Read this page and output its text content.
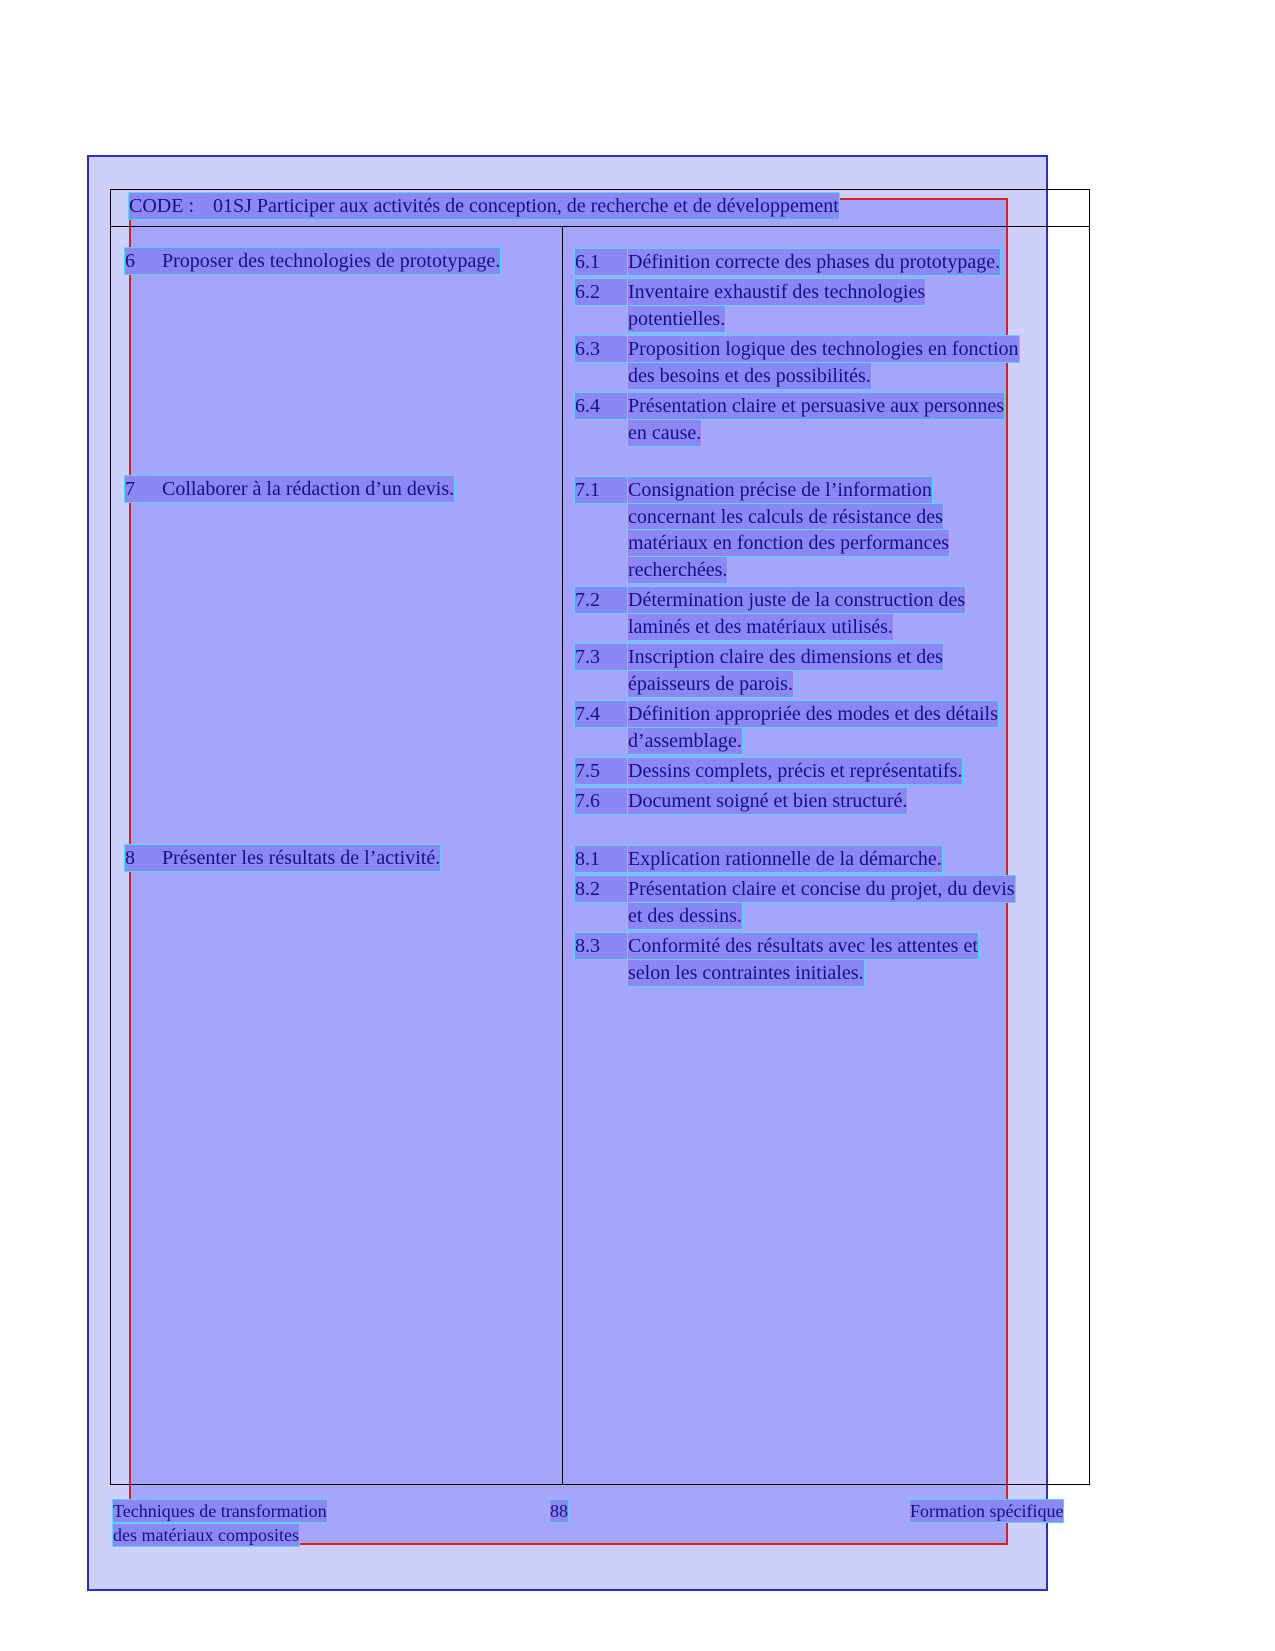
CODE : 01SJ Participer aux activités de conception, de recherche et de développement
6 Proposer des technologies de prototypage.	6.1	Définition correcte des phases du prototypage.
6.2	Inventaire exhaustif des technologies
potentielles.
6.3	Proposition logique des technologies en fonction
des besoins et des possibilités.
6.4	Présentation claire et persuasive aux personnes
en cause.
7 Collaborer à la rédaction d’un devis.	7.1	Consignation précise de l’information
concernant les calculs de résistance des
matériaux en fonction des performances
recherchées.
7.2	Détermination juste de la construction des
laminés et des matériaux utilisés.
7.3	Inscription claire des dimensions et des
épaisseurs de parois.
7.4	Définition appropriée des modes et des détails
d’assemblage.
7.5	Dessins complets, précis et représentatifs.
7.6	Document soigné et bien structuré.
8 Présenter les résultats de l’activité.	8.1	Explication rationnelle de la démarche.
8.2	Présentation claire et concise du projet, du devis
et des dessins.
8.3	Conformité des résultats avec les attentes et
selon les contraintes initiales.
Techniques de transformation
des matériaux composites
88	Formation spécifique
